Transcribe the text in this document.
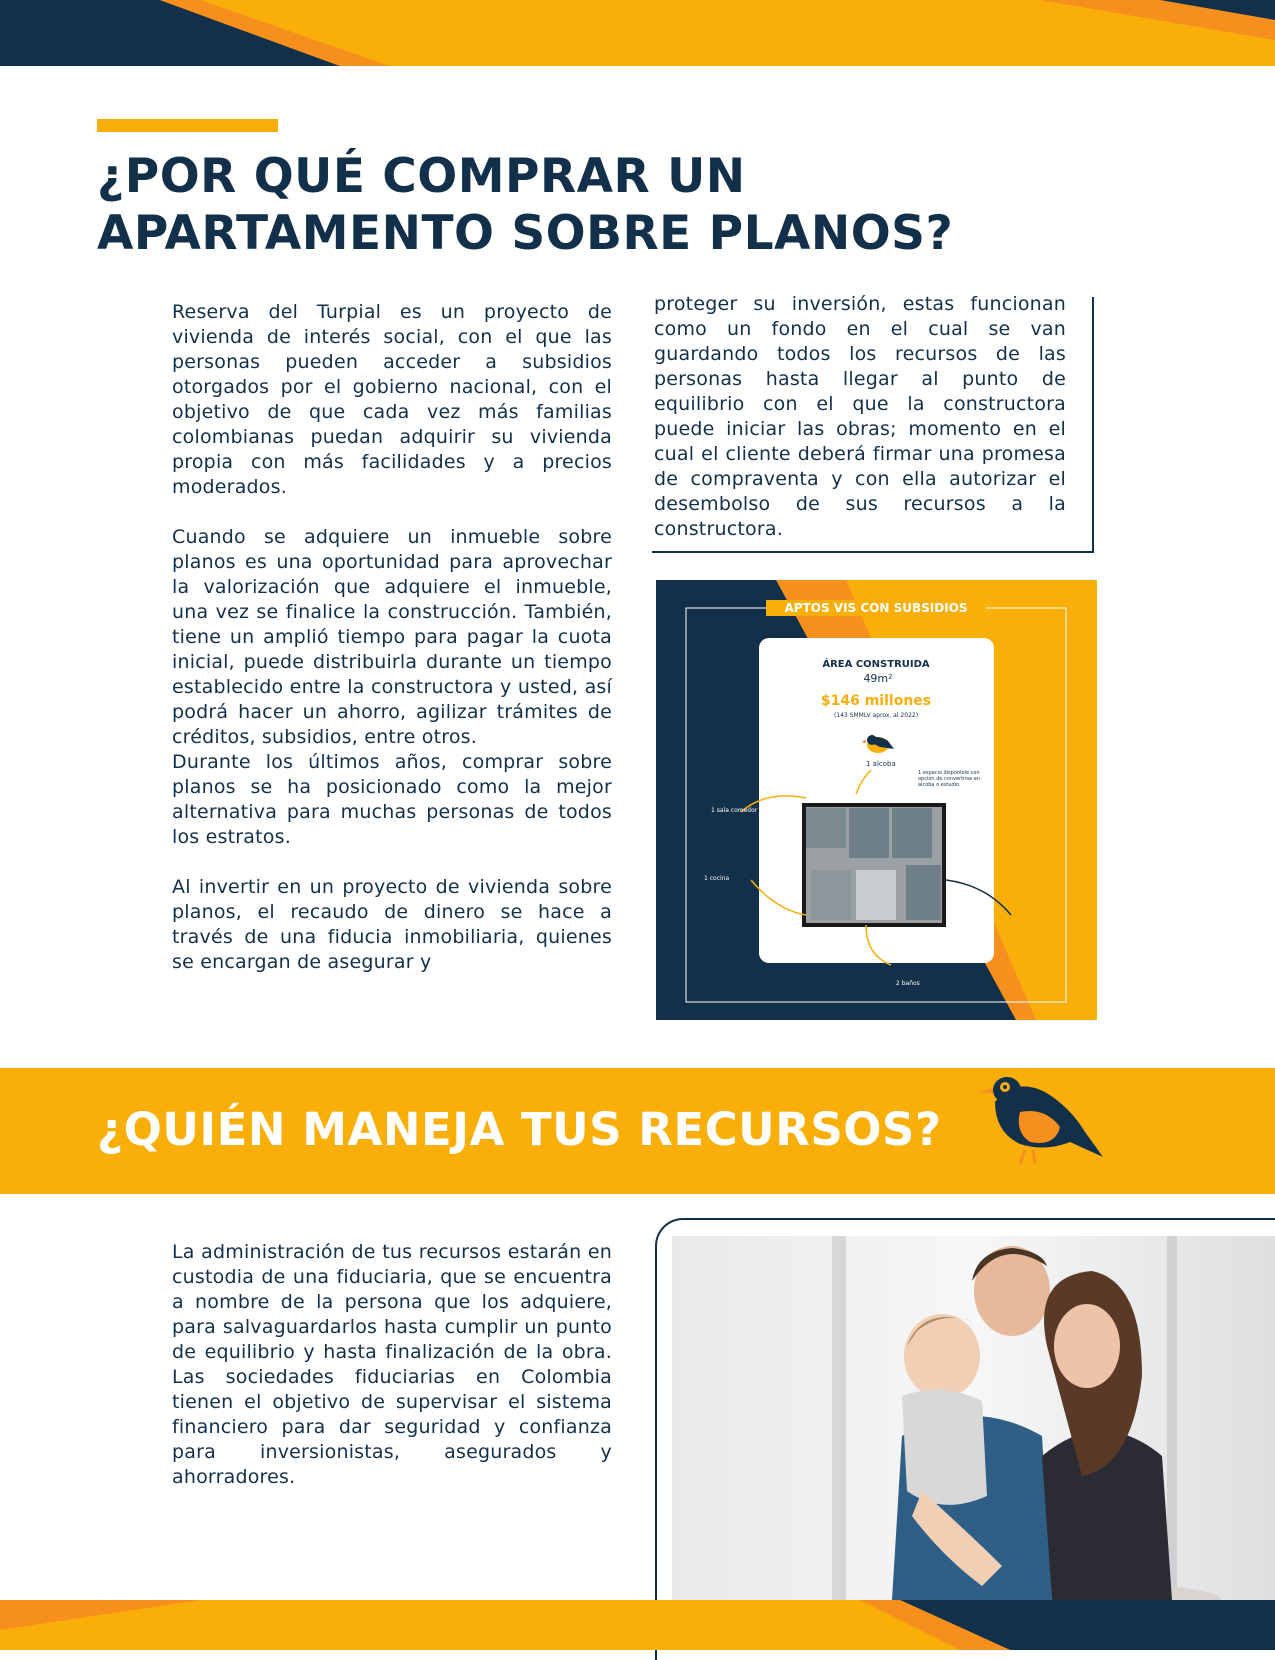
¿POR QUÉ COMPRAR UN
APARTAMENTO SOBRE PLANOS?

Reserva del Turpial es un proyecto de vivienda de interés social, con el que las personas pueden acceder a subsidios otorgados por el gobierno nacional, con el objetivo de que cada vez más familias colombianas puedan adquirir su vivienda propia con más facilidades y a precios moderados.

Cuando se adquiere un inmueble sobre planos es una oportunidad para aprovechar la valorización que adquiere el inmueble, una vez se finalice la construcción. También, tiene un amplió tiempo para pagar la cuota inicial, puede distribuirla durante un tiempo establecido entre la constructora y usted, así podrá hacer un ahorro, agilizar trámites de créditos, subsidios, entre otros.

Durante los últimos años, comprar sobre planos se ha posicionado como la mejor alternativa para muchas personas de todos los estratos.

Al invertir en un proyecto de vivienda sobre planos, el recaudo de dinero se hace a través de una fiducia inmobiliaria, quienes se encargan de asegurar y

proteger su inversión, estas funcionan como un fondo en el cual se van guardando todos los recursos de las personas hasta llegar al punto de equilibrio con el que la constructora puede iniciar las obras; momento en el cual el cliente deberá firmar una promesa de compraventa y con ella autorizar el desembolso de sus recursos a la constructora.

APTOS VIS CON SUBSIDIOS
ÁREA CONSTRUIDA
49m²
$146 millones
(143 SMMLV aprox. al 2022)
1 alcoba
1 sala comedor
1 cocina
1 alcoba
2 baños
1 espacio disponible con opción de convertirse en alcoba o estudio
¿QUIÉN MANEJA TUS RECURSOS?

La administración de tus recursos estarán en custodia de una fiduciaria, que se encuentra a nombre de la persona que los adquiere, para salvaguardarlos hasta cumplir un punto de equilibrio y hasta finalización de la obra. Las sociedades fiduciarias en Colombia tienen el objetivo de supervisar el sistema financiero para dar seguridad y confianza para inversionistas, asegurados y ahorradores.
